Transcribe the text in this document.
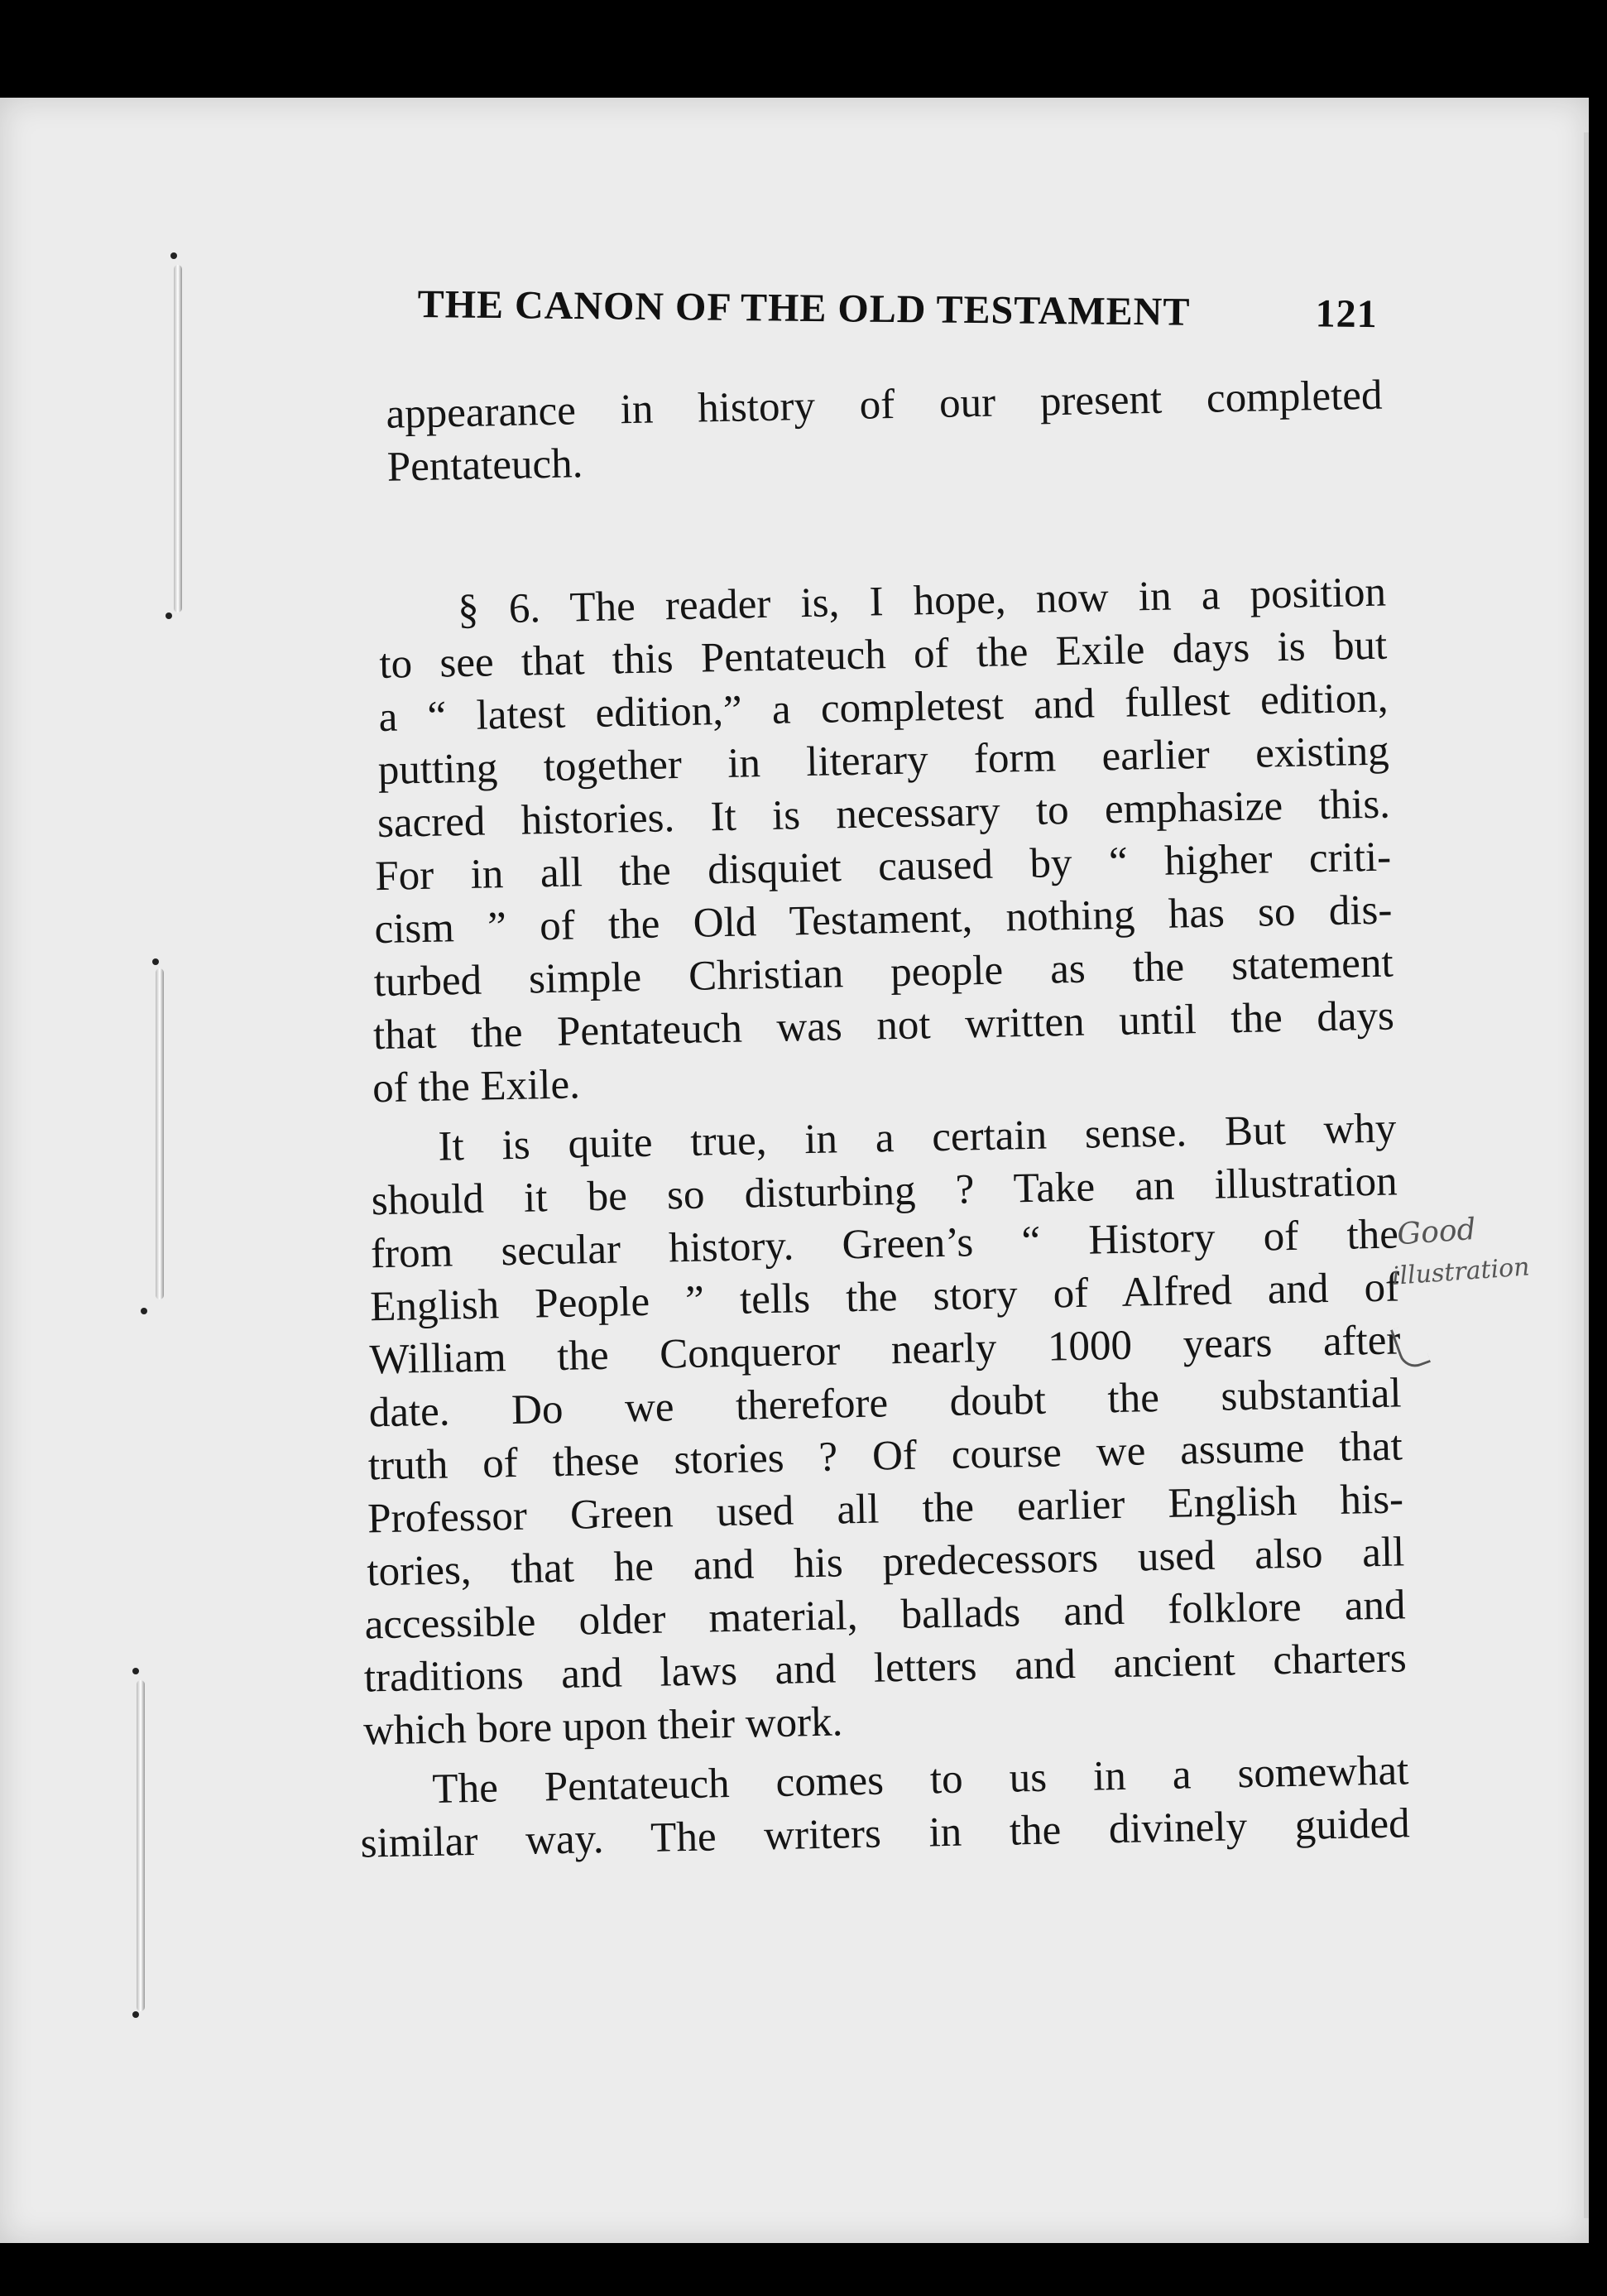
THE CANON OF THE OLD TESTAMENT	121
appearance in history of our present completed
Pentateuch.
§ 6. The reader is, I hope, now in a position
to see that this Pentateuch of the Exile days is but
a “ latest edition,” a completest and fullest edition,
putting together in literary form earlier existing
sacred histories. It is necessary to emphasize this.
For in all the disquiet caused by “ higher criti-
cism ” of the Old Testament, nothing has so dis-
turbed simple Christian people as the statement
that the Pentateuch was not written until the days
of the Exile.
It is quite true, in a certain sense. But why
should it be so disturbing ? Take an illustration
from secular history. Green’s “ History of the
English People ” tells the story of Alfred and of
William the Conqueror nearly 1000 years after
date. Do we therefore doubt the substantial
truth of these stories ? Of course we assume that
Professor Green used all the earlier English his-
tories, that he and his predecessors used also all
accessible older material, ballads and folklore and
traditions and laws and letters and ancient charters
which bore upon their work.
The Pentateuch comes to us in a somewhat
similar way. The writers in the divinely guided
Good
illustration
